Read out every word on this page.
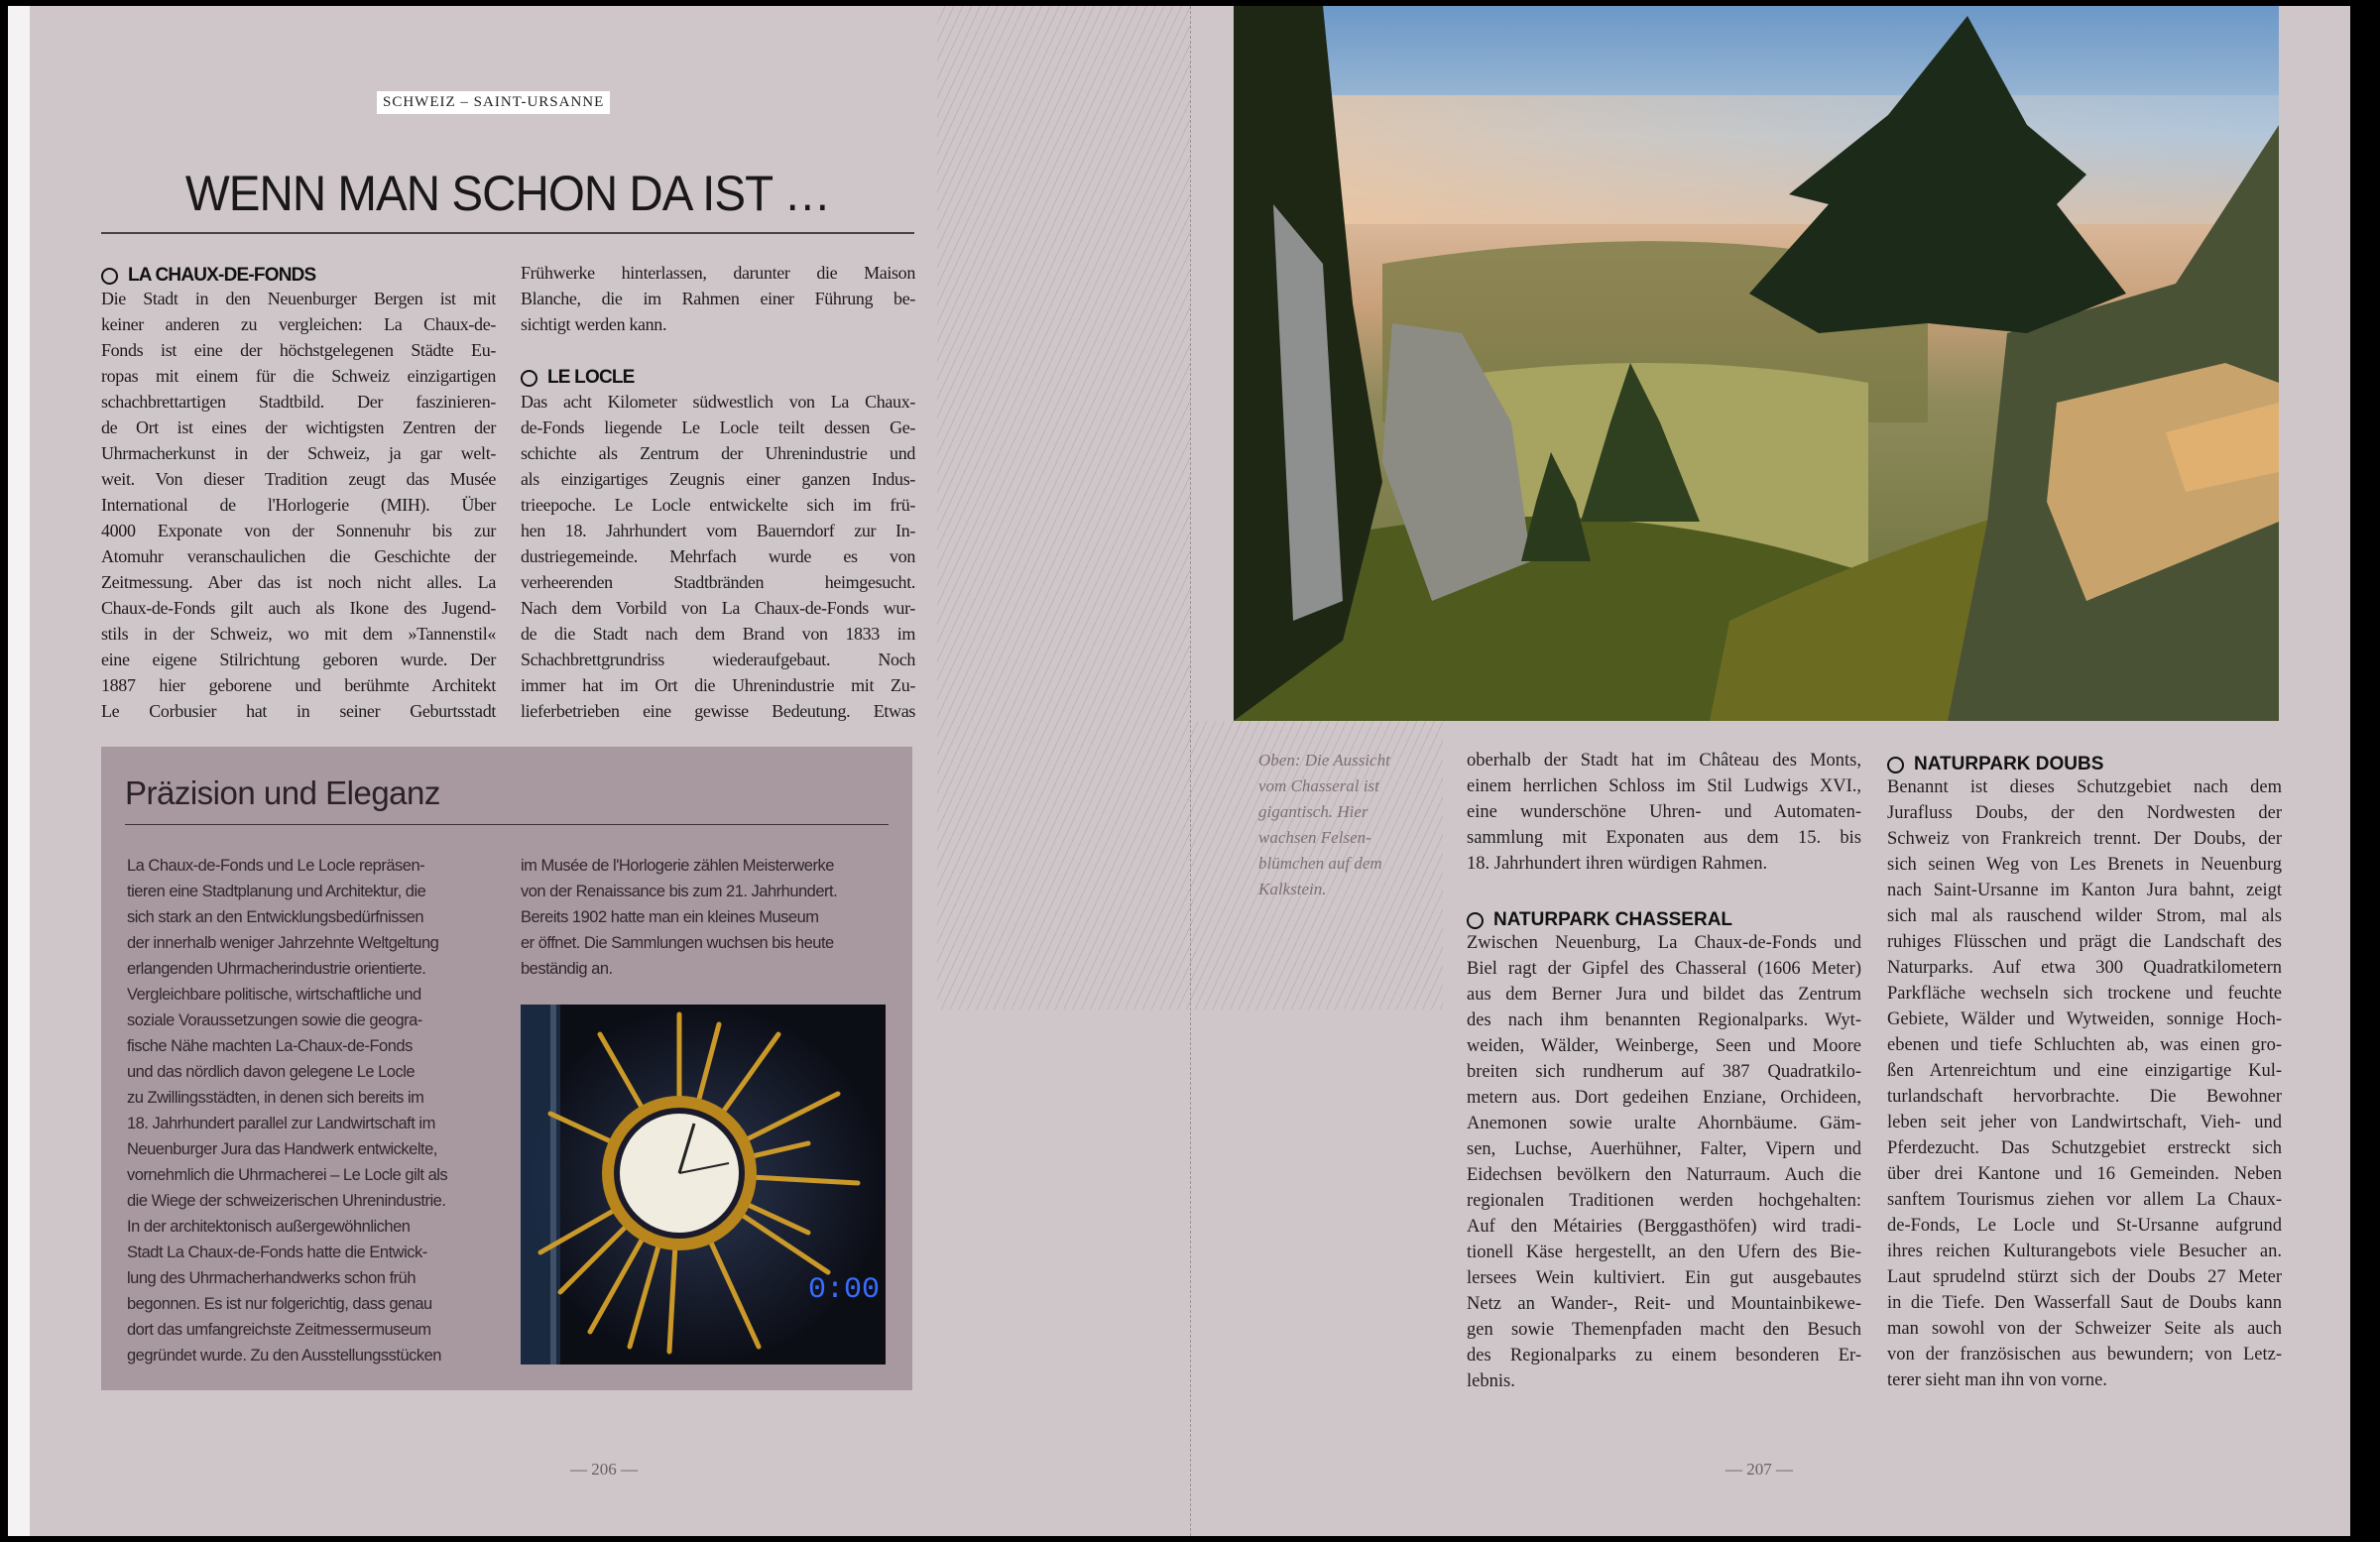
SCHWEIZ – SAINT-URSANNE
WENN MAN SCHON DA IST …
LA CHAUX-DE-FONDS
Die Stadt in den Neuenburger Bergen ist mit
keiner anderen zu vergleichen: La Chaux-de-
Fonds ist eine der höchstgelegenen Städte Eu-
ropas mit einem für die Schweiz einzigartigen
schachbrettartigen Stadtbild. Der faszinieren-
de Ort ist eines der wichtigsten Zentren der
Uhrmacherkunst in der Schweiz, ja gar welt-
weit. Von dieser Tradition zeugt das Musée
International de l'Horlogerie (MIH). Über
4000 Exponate von der Sonnenuhr bis zur
Atomuhr veranschaulichen die Geschichte der
Zeitmessung. Aber das ist noch nicht alles. La
Chaux-de-Fonds gilt auch als Ikone des Jugend-
stils in der Schweiz, wo mit dem »Tannenstil«
eine eigene Stilrichtung geboren wurde. Der
1887 hier geborene und berühmte Architekt
Le Corbusier hat in seiner Geburtsstadt
Frühwerke hinterlassen, darunter die Maison
Blanche, die im Rahmen einer Führung be-
sichtigt werden kann.
LE LOCLE
Das acht Kilometer südwestlich von La Chaux-
de-Fonds liegende Le Locle teilt dessen Ge-
schichte als Zentrum der Uhrenindustrie und
als einzigartiges Zeugnis einer ganzen Indus-
trieepoche. Le Locle entwickelte sich im frü-
hen 18. Jahrhundert vom Bauerndorf zur In-
dustriegemeinde. Mehrfach wurde es von
verheerenden Stadtbränden heimgesucht.
Nach dem Vorbild von La Chaux-de-Fonds wur-
de die Stadt nach dem Brand von 1833 im
Schachbrettgrundriss wiederaufgebaut. Noch
immer hat im Ort die Uhrenindustrie mit Zu-
lieferbetrieben eine gewisse Bedeutung. Etwas
Präzision und Eleganz
La Chaux-de-Fonds und Le Locle repräsen-
tieren eine Stadtplanung und Architektur, die
sich stark an den Entwicklungsbedürfnissen
der innerhalb weniger Jahrzehnte Weltgeltung
erlangenden Uhrmacherindustrie orientierte.
Vergleichbare politische, wirtschaftliche und
soziale Voraussetzungen sowie die geogra-
fische Nähe machten La-Chaux-de-Fonds
und das nördlich davon gelegene Le Locle
zu Zwillingsstädten, in denen sich bereits im
18. Jahrhundert parallel zur Landwirtschaft im
Neuenburger Jura das Handwerk entwickelte,
vornehmlich die Uhrmacherei – Le Locle gilt als
die Wiege der schweizerischen Uhrenindustrie.
In der architektonisch außergewöhnlichen
Stadt La Chaux-de-Fonds hatte die Entwick-
lung des Uhrmacherhandwerks schon früh
begonnen. Es ist nur folgerichtig, dass genau
dort das umfangreichste Zeitmessermuseum
gegründet wurde. Zu den Ausstellungsstücken
im Musée de l'Horlogerie zählen Meisterwerke
von der Renaissance bis zum 21. Jahrhundert.
Bereits 1902 hatte man ein kleines Museum
er öffnet. Die Sammlungen wuchsen bis heute
beständig an.
0:00
— 206 —
Oben: Die Aussicht
vom Chasseral ist
gigantisch. Hier
wachsen Felsen-
blümchen auf dem
Kalkstein.
oberhalb der Stadt hat im Château des Monts,
einem herrlichen Schloss im Stil Ludwigs XVI.,
eine wunderschöne Uhren- und Automaten-
sammlung mit Exponaten aus dem 15. bis
18. Jahrhundert ihren würdigen Rahmen.
NATURPARK CHASSERAL
Zwischen Neuenburg, La Chaux-de-Fonds und
Biel ragt der Gipfel des Chasseral (1606 Meter)
aus dem Berner Jura und bildet das Zentrum
des nach ihm benannten Regionalparks. Wyt-
weiden, Wälder, Weinberge, Seen und Moore
breiten sich rundherum auf 387 Quadratkilo-
metern aus. Dort gedeihen Enziane, Orchideen,
Anemonen sowie uralte Ahornbäume. Gäm-
sen, Luchse, Auerhühner, Falter, Vipern und
Eidechsen bevölkern den Naturraum. Auch die
regionalen Traditionen werden hochgehalten:
Auf den Métairies (Berggasthöfen) wird tradi-
tionell Käse hergestellt, an den Ufern des Bie-
lersees Wein kultiviert. Ein gut ausgebautes
Netz an Wander-, Reit- und Mountainbikewe-
gen sowie Themenpfaden macht den Besuch
des Regionalparks zu einem besonderen Er-
lebnis.
NATURPARK DOUBS
Benannt ist dieses Schutzgebiet nach dem
Jurafluss Doubs, der den Nordwesten der
Schweiz von Frankreich trennt. Der Doubs, der
sich seinen Weg von Les Brenets in Neuenburg
nach Saint-Ursanne im Kanton Jura bahnt, zeigt
sich mal als rauschend wilder Strom, mal als
ruhiges Flüsschen und prägt die Landschaft des
Naturparks. Auf etwa 300 Quadratkilometern
Parkfläche wechseln sich trockene und feuchte
Gebiete, Wälder und Wytweiden, sonnige Hoch-
ebenen und tiefe Schluchten ab, was einen gro-
ßen Artenreichtum und eine einzigartige Kul-
turlandschaft hervorbrachte. Die Bewohner
leben seit jeher von Landwirtschaft, Vieh- und
Pferdezucht. Das Schutzgebiet erstreckt sich
über drei Kantone und 16 Gemeinden. Neben
sanftem Tourismus ziehen vor allem La Chaux-
de-Fonds, Le Locle und St-Ursanne aufgrund
ihres reichen Kulturangebots viele Besucher an.
Laut sprudelnd stürzt sich der Doubs 27 Meter
in die Tiefe. Den Wasserfall Saut de Doubs kann
man sowohl von der Schweizer Seite als auch
von der französischen aus bewundern; von Letz-
terer sieht man ihn von vorne.
— 207 —
